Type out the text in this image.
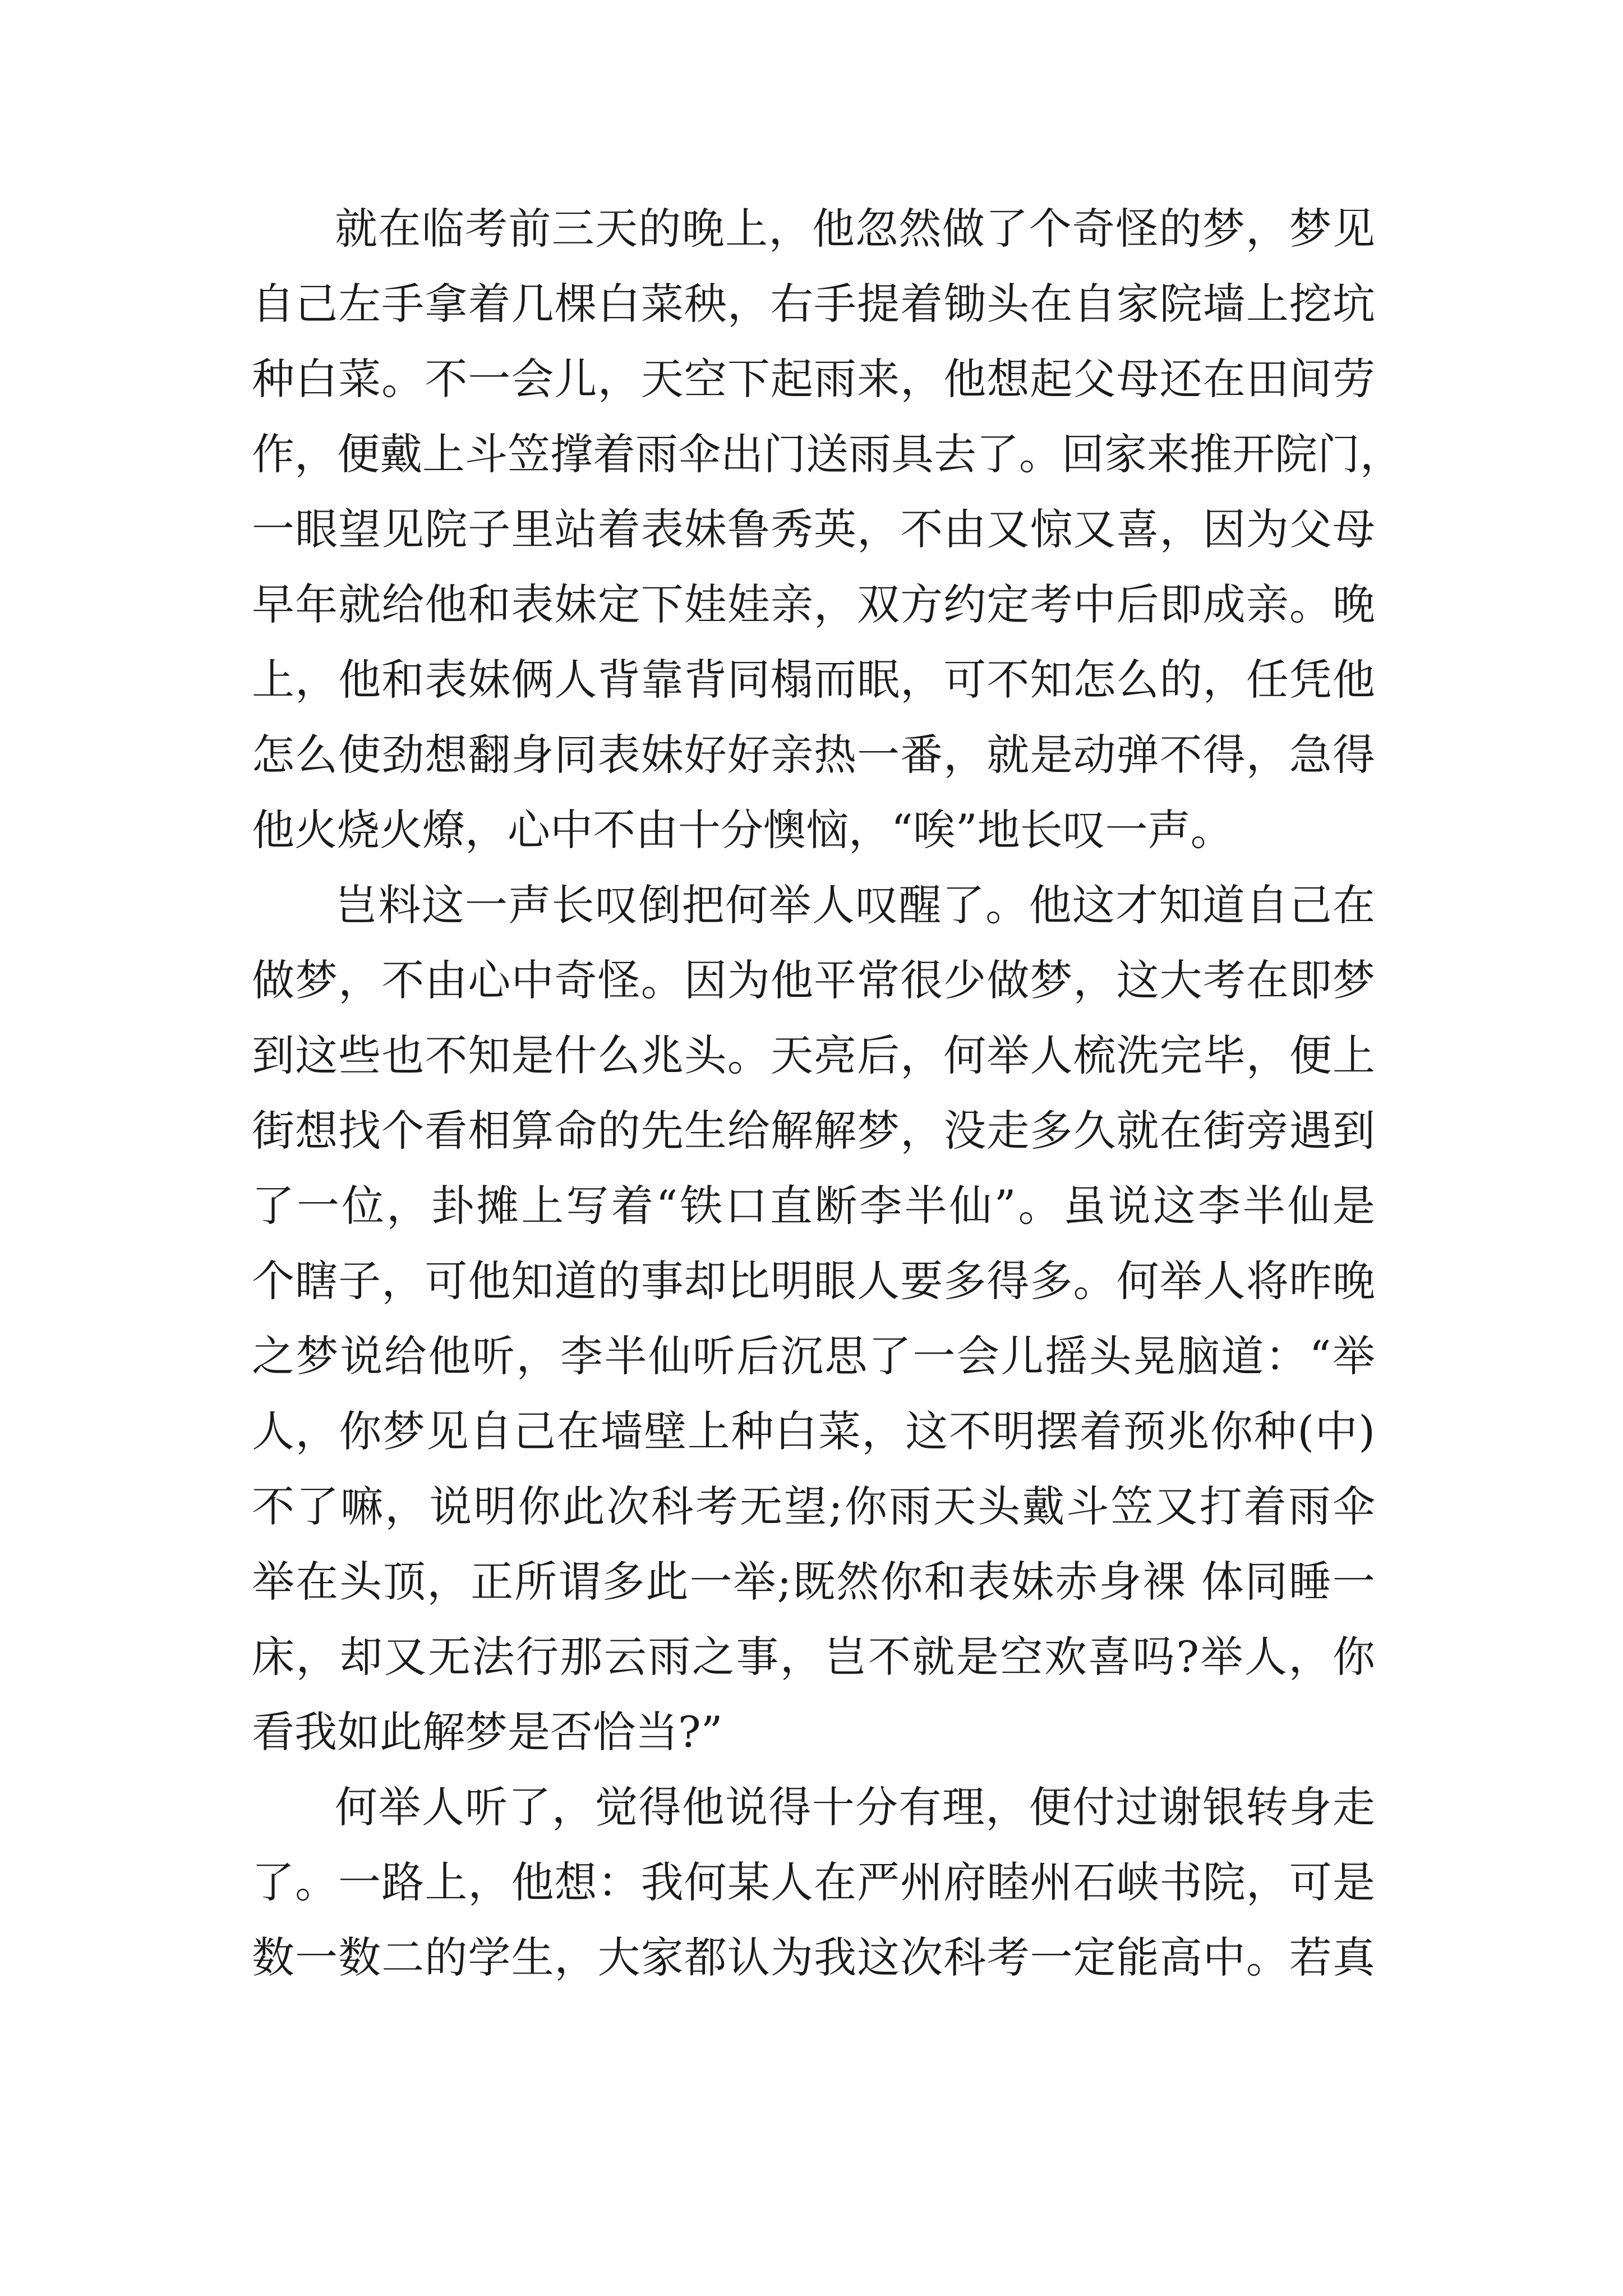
就在临考前三天的晚上，他忽然做了个奇怪的梦，梦见
自己左手拿着几棵白菜秧，右手提着锄头在自家院墙上挖坑
种白菜。不一会儿，天空下起雨来，他想起父母还在田间劳
作，便戴上斗笠撑着雨伞出门送雨具去了。回家来推开院门，
一眼望见院子里站着表妹鲁秀英，不由又惊又喜，因为父母
早年就给他和表妹定下娃娃亲，双方约定考中后即成亲。晚
上，他和表妹俩人背靠背同榻而眠，可不知怎么的，任凭他
怎么使劲想翻身同表妹好好亲热一番，就是动弹不得，急得
他火烧火燎，心中不由十分懊恼，“唉”地长叹一声。
岂料这一声长叹倒把何举人叹醒了。他这才知道自己在
做梦，不由心中奇怪。因为他平常很少做梦，这大考在即梦
到这些也不知是什么兆头。天亮后，何举人梳洗完毕，便上
街想找个看相算命的先生给解解梦，没走多久就在街旁遇到
了一位，卦摊上写着“铁口直断李半仙”。虽说这李半仙是
个瞎子，可他知道的事却比明眼人要多得多。何举人将昨晚
之梦说给他听，李半仙听后沉思了一会儿摇头晃脑道：“举
人，你梦见自己在墙壁上种白菜，这不明摆着预兆你种(中)
不了嘛，说明你此次科考无望;你雨天头戴斗笠又打着雨伞
举在头顶，正所谓多此一举;既然你和表妹赤身裸 体同睡一
床，却又无法行那云雨之事，岂不就是空欢喜吗?举人，你
看我如此解梦是否恰当?”
何举人听了，觉得他说得十分有理，便付过谢银转身走
了。一路上，他想：我何某人在严州府睦州石峡书院，可是
数一数二的学生，大家都认为我这次科考一定能高中。若真
